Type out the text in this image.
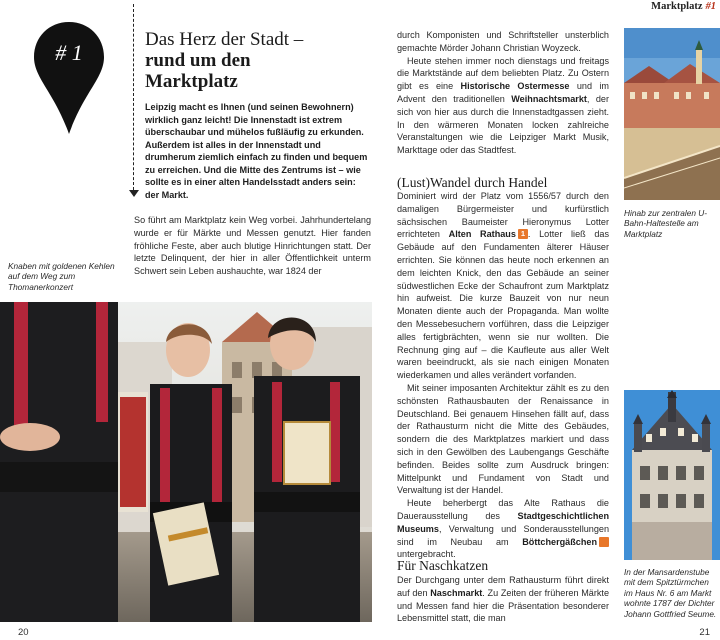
Marktplatz #1
# 1
Das Herz der Stadt –
rund um den
Marktplatz
Leipzig macht es Ihnen (und seinen Bewohnern) wirklich ganz leicht! Die Innenstadt ist extrem überschaubar und mühelos fußläufig zu erkunden. Außerdem ist alles in der Innenstadt und drumherum ziemlich einfach zu finden und bequem zu erreichen. Und die Mitte des Zentrums ist – wie sollte es in einer alten Handelsstadt anders sein: der Markt.
So führt am Marktplatz kein Weg vorbei. Jahrhundertelang wurde er für Märkte und Messen genutzt. Hier fanden fröhliche Feste, aber auch blutige Hinrichtungen statt. Der letzte Delinquent, der hier in aller Öffentlichkeit unterm Schwert sein Leben aushauchte, war 1824 der
Knaben mit goldenen Kehlen auf dem Weg zum Thomanerkonzert
Hinab zur zentralen U-Bahn-Haltestelle am Marktplatz
In der Mansardenstube mit dem Spitztürmchen im Haus Nr. 6 am Markt wohnte 1787 der Dichter Johann Gottfried Seume.

durch Komponisten und Schriftsteller unsterblich gemachte Mörder Johann Christian Woyzeck.

Heute stehen immer noch dienstags und freitags die Marktstände auf dem beliebten Platz. Zu Ostern gibt es eine Historische Ostermesse und im Advent den traditionellen Weihnachtsmarkt, der sich von hier aus durch die Innenstadtgassen zieht. In den wärmeren Monaten locken zahlreiche Veranstaltungen wie die Leipziger Markt Musik, Markttage oder das Stadtfest.

(Lust)Wandel durch Handel

Dominiert wird der Platz vom 1556/57 durch den damaligen Bürgermeister und kurfürstlich sächsischen Baumeister Hieronymus Lotter errichteten Alten Rathaus 1 . Lotter ließ das Gebäude auf den Fundamenten älterer Häuser errichten. Sie können das heute noch erkennen an dem leichten Knick, den das Gebäude an seiner südwestlichen Ecke der Schaufront zum Marktplatz hin aufweist. Die kurze Bauzeit von nur neun Monaten diente auch der Propaganda. Man wollte den Messebesuchern vorführen, dass die Leipziger alles fertigbrächten, wenn sie nur wollten. Die Rechnung ging auf – die Kaufleute aus aller Welt waren beeindruckt, als sie nach einigen Monaten wiederkamen und alles verändert vorfanden.

Mit seiner imposanten Architektur zählt es zu den schönsten Rathausbauten der Renaissance in Deutschland. Bei genauem Hinsehen fällt auf, dass der Rathausturm nicht die Mitte des Gebäudes, sondern die des Marktplatzes markiert und dass sich in den Gewölben des Laubengangs Geschäfte befinden. Beides sollte zum Ausdruck bringen: Mittelpunkt und Fundament von Stadt und Verwaltung ist der Handel.

Heute beherbergt das Alte Rathaus die Dauerausstellung des Stadtgeschichtlichen Museums, Verwaltung und Sonderausstellungen sind im Neubau am Böttchergäßchen 2 untergebracht.

Für Naschkatzen

Der Durchgang unter dem Rathausturm führt direkt auf den Naschmarkt. Zu Zeiten der früheren Märkte und Messen fand hier die Präsentation besonderer Lebensmittel statt, die man

20	21
